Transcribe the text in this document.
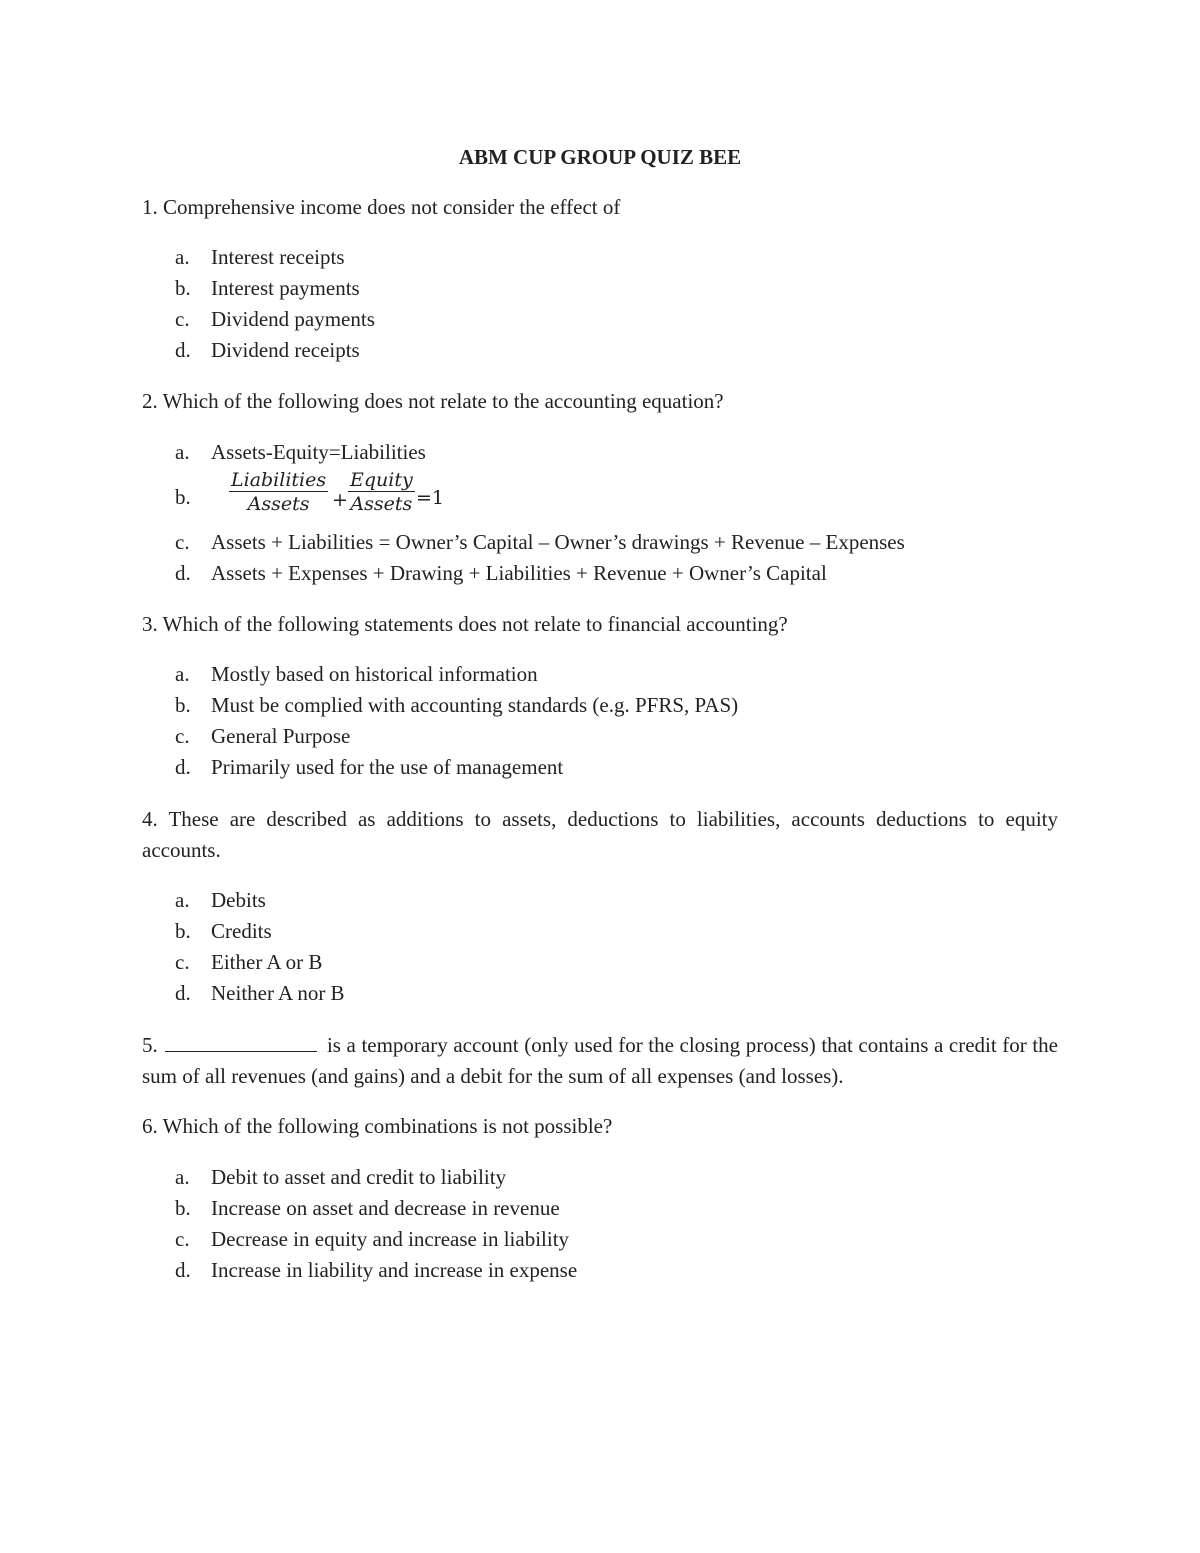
ABM CUP GROUP QUIZ BEE

1. Comprehensive income does not consider the effect of

a.	Interest receipts
b. Interest payments
c.	Dividend payments
d. Dividend receipts

2. Which of the following does not relate to the accounting equation?

a.	Assets-Equity=Liabilities
b.
Liabilities
Assets	+
Equity
Assets =1
c.	Assets + Liabilities = Owner’s Capital – Owner’s drawings + Revenue – Expenses
d. Assets + Expenses + Drawing + Liabilities + Revenue + Owner’s Capital

3. Which of the following statements does not relate to financial accounting?

a.	Mostly based on historical information
b. Must be complied with accounting standards (e.g. PFRS, PAS)
c.	General Purpose
d. Primarily used for the use of management

4. These are described as additions to assets, deductions to liabilities, accounts deductions to equity accounts.

a.	Debits
b. Credits
c.	Either A or B
d. Neither A nor B

5.	is a temporary account (only used for the closing process) that contains a credit for the sum of all revenues (and gains) and a debit for the sum of all expenses (and losses).

6. Which of the following combinations is not possible?

a.	Debit to asset and credit to liability
b. Increase on asset and decrease in revenue
c.	Decrease in equity and increase in liability
d. Increase in liability and increase in expense
